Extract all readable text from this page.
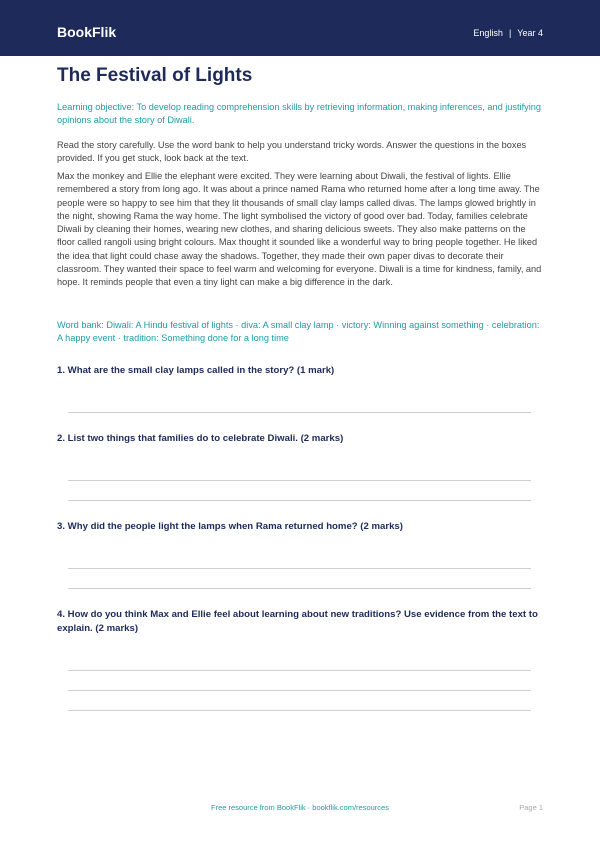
BookFlik	English | Year 4
The Festival of Lights

Learning objective: To develop reading comprehension skills by retrieving information, making inferences, and justifying opinions about the story of Diwali.

Read the story carefully. Use the word bank to help you understand tricky words. Answer the questions in the boxes provided. If you get stuck, look back at the text.

Max the monkey and Ellie the elephant were excited. They were learning about Diwali, the festival of lights. Ellie remembered a story from long ago. It was about a prince named Rama who returned home after a long time away. The people were so happy to see him that they lit thousands of small clay lamps called divas. The lamps glowed brightly in the night, showing Rama the way home. The light symbolised the victory of good over bad. Today, families celebrate Diwali by cleaning their homes, wearing new clothes, and sharing delicious sweets. They also make patterns on the floor called rangoli using bright colours. Max thought it sounded like a wonderful way to bring people together. He liked the idea that light could chase away the shadows. Together, they made their own paper divas to decorate their classroom. They wanted their space to feel warm and welcoming for everyone. Diwali is a time for kindness, family, and hope. It reminds people that even a tiny light can make a big difference in the dark.

Word bank: Diwali: A Hindu festival of lights · diva: A small clay lamp · victory: Winning against something · celebration: A happy event · tradition: Something done for a long time

1. What are the small clay lamps called in the story? (1 mark)

2. List two things that families do to celebrate Diwali. (2 marks)

3. Why did the people light the lamps when Rama returned home? (2 marks)

4. How do you think Max and Ellie feel about learning about new traditions? Use evidence from the text to explain. (2 marks)

Free resource from BookFlik · bookflik.com/resources	Page 1
